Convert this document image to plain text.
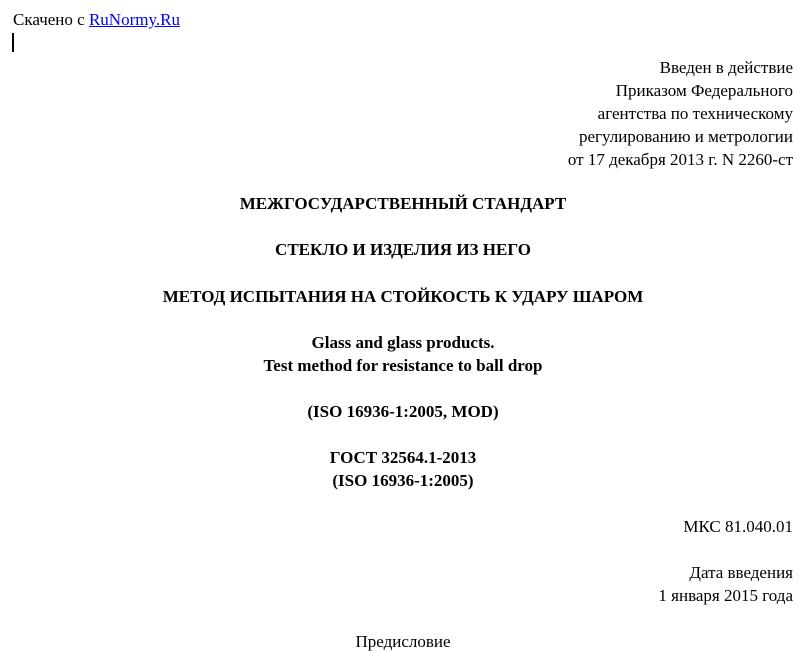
Скачено с RuNormy.Ru
Введен в действие
Приказом Федерального
агентства по техническому
регулированию и метрологии
от 17 декабря 2013 г. N 2260-ст
МЕЖГОСУДАРСТВЕННЫЙ СТАНДАРТ
СТЕКЛО И ИЗДЕЛИЯ ИЗ НЕГО
МЕТОД ИСПЫТАНИЯ НА СТОЙКОСТЬ К УДАРУ ШАРОМ
Glass and glass products.
Test method for resistance to ball drop
(ISO 16936-1:2005, MOD)
ГОСТ 32564.1-2013
(ISO 16936-1:2005)
МКС 81.040.01
Дата введения
1 января 2015 года
Предисловие
